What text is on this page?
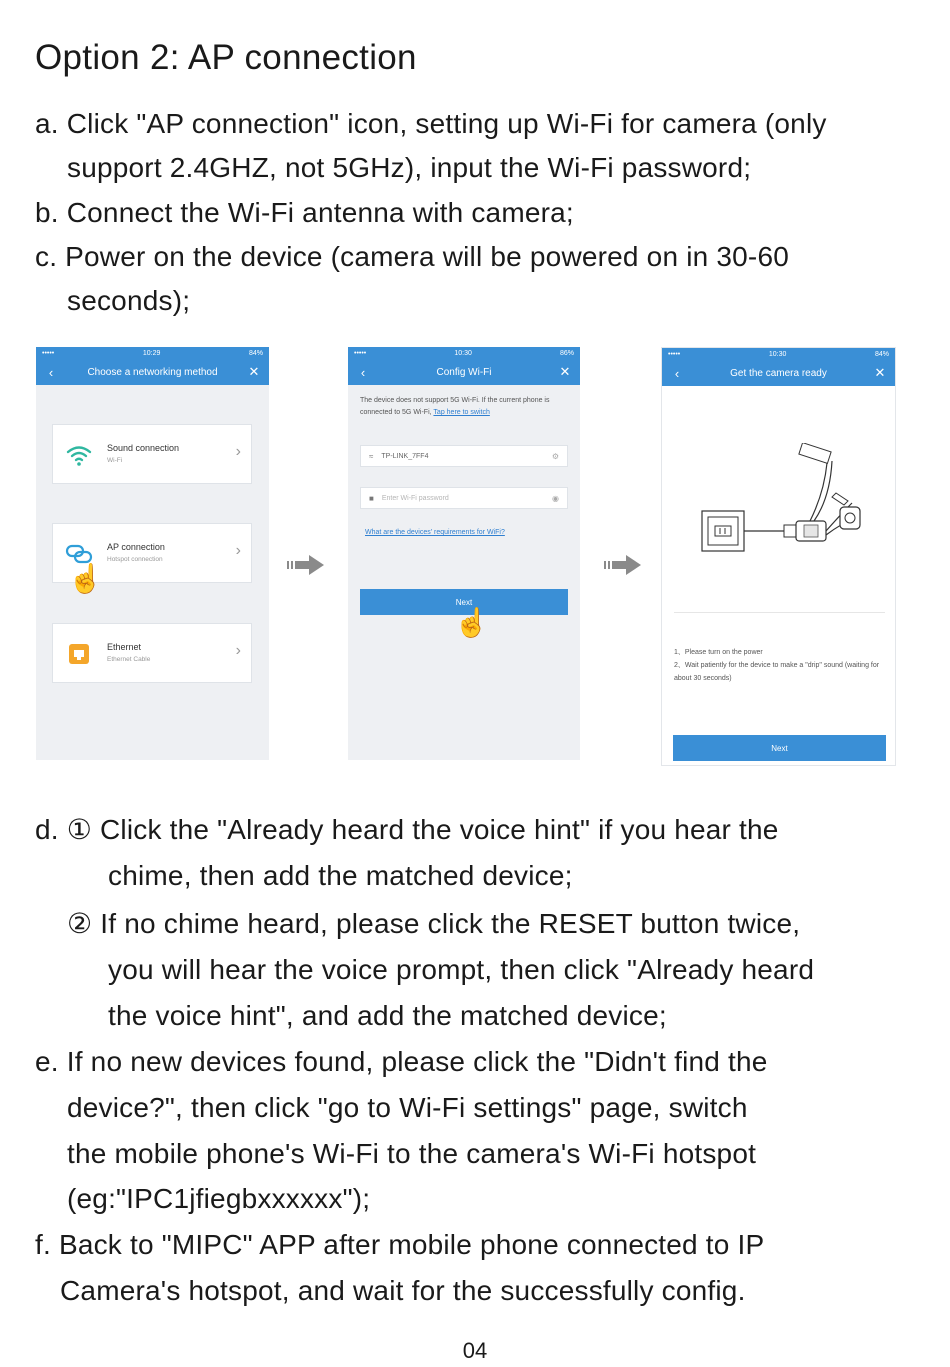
Option 2: AP connection
a. Click "AP connection" icon, setting up Wi-Fi for camera (only
support 2.4GHZ, not 5GHz), input the Wi-Fi password;
b. Connect the Wi-Fi antenna with camera;
c. Power on the device (camera will be powered on in 30-60
seconds);
•••••	10:29	84%
‹	Choose a networking method	✕
Sound connection
Wi-Fi
›
AP connection
Hotspot connection
›
☝
Ethernet
Ethernet Cable
›
•••••	10:30	86%
‹	Config Wi-Fi	✕
The device does not support 5G Wi-Fi. If the current phone is connected to 5G Wi-Fi, Tap here to switch
≈ TP-LINK_7FF4	⚙
■ Enter Wi-Fi password	◉
What are the devices' requirements for WiFi?
Next
☝
•••••	10:30	84%
‹	Get the camera ready	✕
1、Please turn on the power
2、Wait patiently for the device to make a "drip" sound (waiting for about 30 seconds)
Next
d. ① Click the "Already heard the voice hint" if you hear the
chime, then add the matched device;
② If no chime heard, please click the RESET button twice,
you will hear the voice prompt, then click "Already heard
the voice hint", and add the matched device;
e. If no new devices found, please click the "Didn't find the
device?", then click "go to Wi-Fi settings" page, switch
the mobile phone's Wi-Fi to the camera's Wi-Fi hotspot
(eg:"IPC1jfiegbxxxxxx");
f. Back to "MIPC" APP after mobile phone connected to IP
Camera's hotspot, and wait for the successfully config.
04
